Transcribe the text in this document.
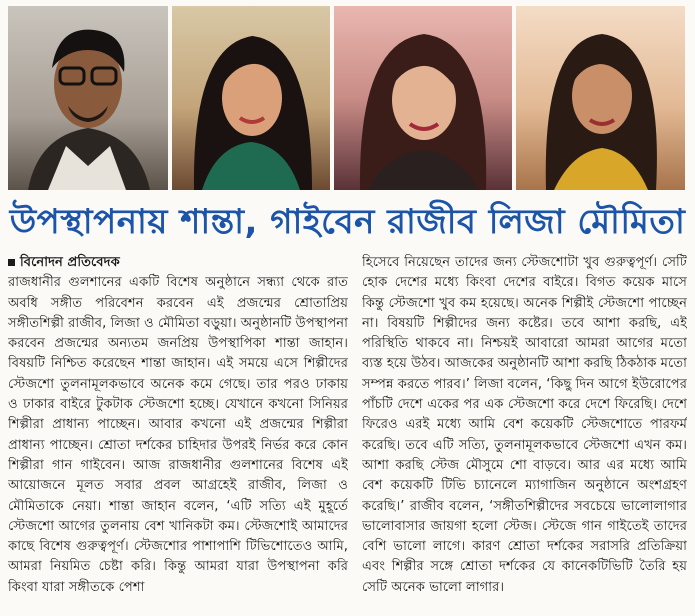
উপস্থাপনায় শান্তা, গাইবেন রাজীব লিজা মৌমিতা
বিনোদন প্রতিবেদক

রাজধানীর গুলশানের একটি বিশেষ অনুষ্ঠানে সন্ধ্যা থেকে রাত অবধি সঙ্গীত পরিবেশন করবেন এই প্রজন্মের শ্রোতাপ্রিয় সঙ্গীতশিল্পী রাজীব, লিজা ও মৌমিতা বড়ুয়া। অনুষ্ঠানটি উপস্থাপনা করবেন প্রজন্মের অন্যতম জনপ্রিয় উপস্থাপিকা শান্তা জাহান। বিষয়টি নিশ্চিত করেছেন শান্তা জাহান। এই সময়ে এসে শিল্পীদের স্টেজশো তুলনামূলকভাবে অনেক কমে গেছে। তার পরও ঢাকায় ও ঢাকার বাইরে টুকটাক স্টেজশো হচ্ছে। যেখানে কখনো সিনিয়র শিল্পীরা প্রাধান্য পাচ্ছেন। আবার কখনো এই প্রজন্মের শিল্পীরা প্রাধান্য পাচ্ছেন। শ্রোতা দর্শকের চাহিদার উপরই নির্ভর করে কোন শিল্পীরা গান গাইবেন। আজ রাজধানীর গুলশানের বিশেষ এই আয়োজনে মূলত সবার প্রবল আগ্রহেই রাজীব, লিজা ও মৌমিতাকে নেয়া। শান্তা জাহান বলেন, ‘এটি সত্যি এই মুহূর্তে স্টেজশো আগের তুলনায় বেশ খানিকটা কম। স্টেজশোই আমাদের কাছে বিশেষ গুরুত্বপূর্ণ। স্টেজশোর পাশাপাশি টিভিশোতেও আমি, আমরা নিয়মিত চেষ্টা করি। কিন্তু আমরা যারা উপস্থাপনা করি কিংবা যারা সঙ্গীতকে পেশা

হিসেবে নিয়েছেন তাদের জন্য স্টেজশোটা খুব গুরুত্বপূর্ণ। সেটি হোক দেশের মধ্যে কিংবা দেশের বাইরে। বিগত কয়েক মাসে কিন্তু স্টেজশো খুব কম হয়েছে। অনেক শিল্পীই স্টেজশো পাচ্ছেন না। বিষয়টি শিল্পীদের জন্য কষ্টের। তবে আশা করছি, এই পরিস্থিতি থাকবে না। নিশ্চয়ই আবারো আমরা আগের মতো ব্যস্ত হয়ে উঠব। আজকের অনুষ্ঠানটি আশা করছি ঠিকঠাক মতো সম্পন্ন করতে পারব।’ লিজা বলেন, ‘কিছু দিন আগে ইউরোপের পাঁচটি দেশে একের পর এক স্টেজশো করে দেশে ফিরেছি। দেশে ফিরেও এরই মধ্যে আমি বেশ কয়েকটি স্টেজশোতে পারফর্ম করেছি। তবে এটি সত্যি, তুলনামূলকভাবে স্টেজশো এখন কম। আশা করছি স্টেজ মৌসুমে শো বাড়বে। আর এর মধ্যে আমি বেশ কয়েকটি টিভি চ্যানেলে ম্যাগাজিন অনুষ্ঠানে অংশগ্রহণ করেছি।’ রাজীব বলেন, ‘সঙ্গীতশিল্পীদের সবচেয়ে ভালোলাগার ভালোবাসার জায়গা হলো স্টেজ। স্টেজে গান গাইতেই তাদের বেশি ভালো লাগে। কারণ শ্রোতা দর্শকের সরাসরি প্রতিক্রিয়া এবং শিল্পীর সঙ্গে শ্রোতা দর্শকের যে কানেকটিভিটি তৈরি হয় সেটি অনেক ভালো লাগার।
